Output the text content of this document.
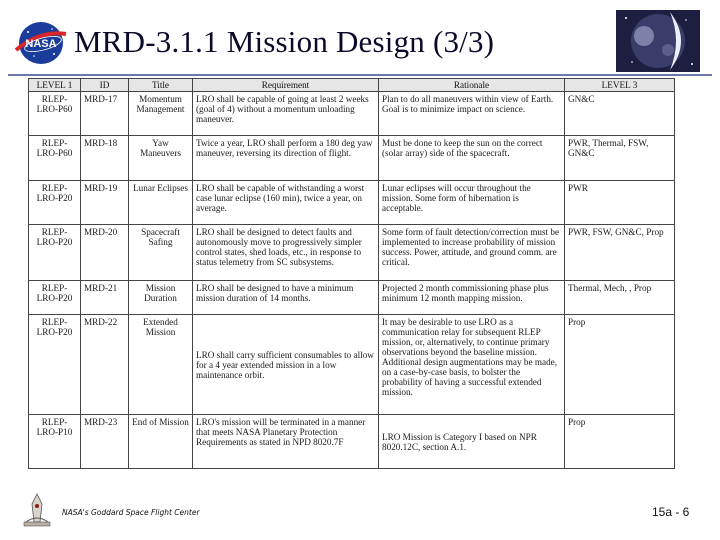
NASA MRD-3.1.1 Mission Design (3/3)
LEVEL 1	ID	Title	Requirement	Rationale	LEVEL 3
RLEP-LRO-P60	MRD-17	Momentum Management	LRO shall be capable of going at least 2 weeks (goal of 4) without a momentum unloading maneuver.	Plan to do all maneuvers within view of Earth. Goal is to minimize impact on science.	GN&C
RLEP-LRO-P60	MRD-18	Yaw Maneuvers	Twice a year, LRO shall perform a 180 deg yaw maneuver, reversing its direction of flight.	Must be done to keep the sun on the correct (solar array) side of the spacecraft.	PWR, Thermal, FSW, GN&C
RLEP-LRO-P20	MRD-19	Lunar Eclipses	LRO shall be capable of withstanding a worst case lunar eclipse (160 min), twice a year, on average.	Lunar eclipses will occur throughout the mission. Some form of hibernation is acceptable.	PWR
RLEP-LRO-P20	MRD-20	Spacecraft Safing	LRO shall be designed to detect faults and autonomously move to progressively simpler control states, shed loads, etc., in response to status telemetry from SC subsystems.	Some form of fault detection/correction must be implemented to increase probability of mission success. Power, attitude, and ground comm. are critical.	PWR, FSW, GN&C, Prop
RLEP-LRO-P20	MRD-21	Mission Duration	LRO shall be designed to have a minimum mission duration of 14 months.	Projected 2 month commissioning phase plus minimum 12 month mapping mission.	Thermal, Mech, , Prop
RLEP-LRO-P20	MRD-22	Extended Mission	LRO shall carry sufficient consumables to allow for a 4 year extended mission in a low maintenance orbit.	It may be desirable to use LRO as a communication relay for subsequent RLEP mission, or, alternatively, to continue primary observations beyond the baseline mission. Additional design augmentations may be made, on a case-by-case basis, to bolster the probability of having a successful extended mission.	Prop
RLEP-LRO-P10	MRD-23	End of Mission	LRO's mission will be terminated in a manner that meets NASA Planetary Protection Requirements as stated in NPD 8020.7F	LRO Mission is Category I based on NPR 8020.12C, section A.1.	Prop
NASA's Goddard Space Flight Center	15a - 6
